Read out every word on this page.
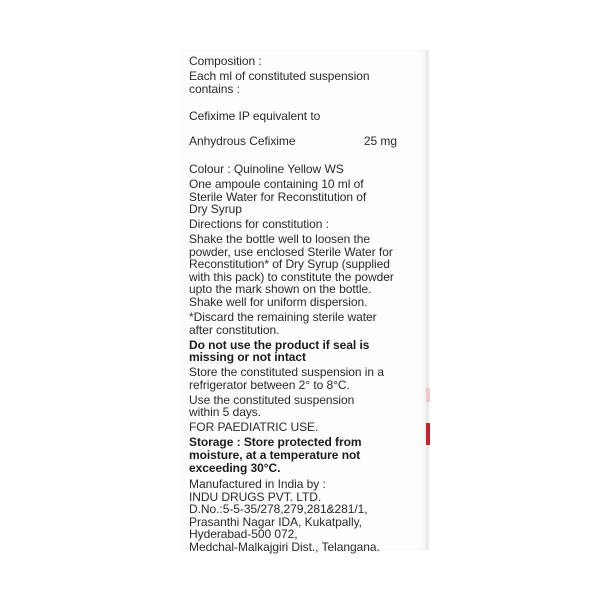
Composition :
Each ml of constituted suspension
contains :

Cefixime IP equivalent to

Anhydrous Cefixime	25 mg

Colour : Quinoline Yellow WS
One ampoule containing 10 ml of
Sterile Water for Reconstitution of
Dry Syrup
Directions for constitution :
Shake the bottle well to loosen the
powder, use enclosed Sterile Water for
Reconstitution* of Dry Syrup (supplied
with this pack) to constitute the powder
upto the mark shown on the bottle.
Shake well for uniform dispersion.
*Discard the remaining sterile water
after constitution.
Do not use the product if seal is
missing or not intact
Store the constituted suspension in a
refrigerator between 2° to 8°C.
Use the constituted suspension
within 5 days.
FOR PAEDIATRIC USE.
Storage : Store protected from
moisture, at a temperature not
exceeding 30°C.
Manufactured in India by :
INDU DRUGS PVT. LTD.
D.No.:5-5-35/278,279,281&281/1,
Prasanthi Nagar IDA, Kukatpally,
Hyderabad-500 072,
Medchal-Malkajgiri Dist., Telangana.
